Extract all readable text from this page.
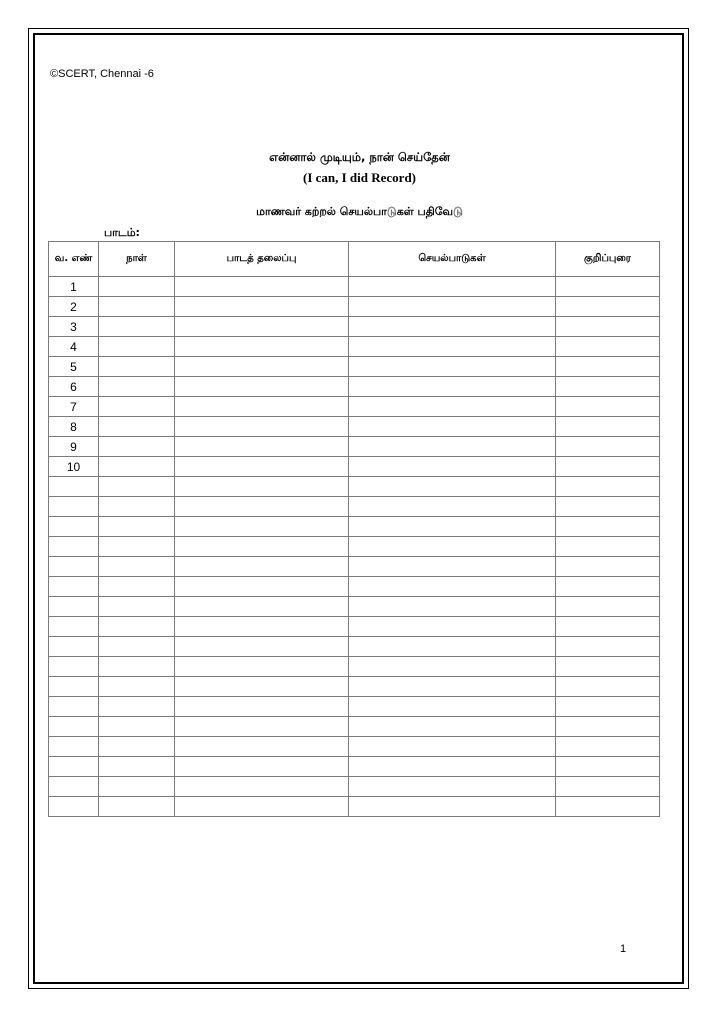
©SCERT, Chennai -6
என்னால் முடியும், நான் செய்தேன்
(I can, I did Record)
மாணவர் கற்றல் செயல்பாடுகள் பதிவேடு
பாடம்:
வ. எண்	நாள்	பாடத் தலைப்பு	செயல்பாடுகள்	குறிப்புரை
1				
2				
3				
4				
5				
6				
7				
8				
9				
10				

1
